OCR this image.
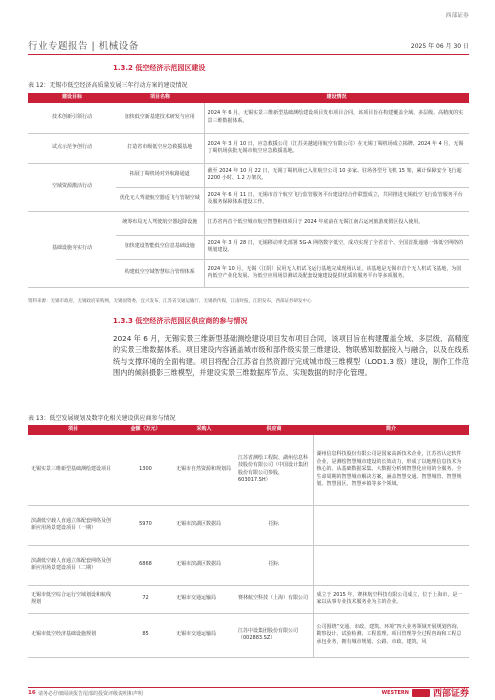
西部证券
行业专题报告 | 机械设备	2025 年 06 月 30 日
1.3.2 低空经济示范园区建设
表 12：无锡市低空经济高质量发展三年行动方案的建设情况
建设目标	项目名称	建设情况
技术创新引领行动	加快低空新基建技术研发与应用	2024 年 6 月，无锡实景三维新型基础测绘建设项目发布项目合同，该项目旨在构建覆盖全域、多层级、高精度的实景三维数据体系。
试点示范争创行动	打造省市级低空应急救援基地	2024 年 3 月 10 日，应急救援公司（江苏美越通用航空有限公司）在无锡丁蜀机场成立揭牌。2024 年 4 月，无锡丁蜀机场获批无锡市航空应急救援基地。
空域资源激活行动	拓展丁蜀机场对外航路通道	截至 2024 年 10 月 22 日，无锡丁蜀机场已入驻航空公司 10 多家、驻场各型号飞机 15 架，累计保障安全飞行超 2200 小时、1.2 万架次。
	优化无人驾驶航空器适飞与管制空域	2024 年 6 月 11 日，无锡市首个航空飞行监管服务平台建设结合作联盟成立，共同推进无锡低空飞行监管服务平台及服务保障体系建设工作。
基础设施夯实行动	统筹布局无人驾驶航空器起降设施	江苏省内首个低空城市航空智慧枢纽项目于 2024 年底前在无锡江南古运河旅游度假区投入使用。
	加快建设智能低空信息基础设施	2024 年 3 月 28 日，无锡移动率先部署 5G-A 网络数字低空，成功实现了全省首个、全国首批通感一体低空网络的规划建设。
	构建低空空域智慧综合管理体系	2024 年 10 月，无锡（江阴）民用无人机试飞运行基地完成现场认证，该基地是无锡市首个无人机试飞基地，为国内低空产业化发展、为低空应用场景测试及配套设施建设提供优质的服务平台等多项服务。
资料来源：无锡市政府，无锡政府采购网，无锡国资委，宜兴发布，江苏省交通运输厅，无锡新传媒，江南时报，江阴发布，西部证券研发中心
1.3.3 低空经济示范园区供应商的参与情况
2024 年 6 月，无锡实景三维新型基础测绘建设项目发布项目合同，该项目旨在构建覆盖全域、多层级、高精度的实景三维数据体系。项目建设内容涵盖城市级和部件级实景三维建设、物联感知数据接入与融合，以及在线系统与支撑环境的全面构建。项目将配合江苏省自然资源厅完成城市级三维模型（LOD1.3 级）建设，制作工作范围内的倾斜摄影三维模型，并建设实景三维数据库节点、实现数据的时序化管理。
表 13：低空发展规划及数字化相关建设供应商参与情况
项目	金额（万元）	采购人	供应商	简介
无锡实景三维新型基础测绘建设项目	1300	无锡市自然资源和规划局	江苏省测绘工程院、湖州信息科技股份有限公司（中国设计集团股份有限公司参股，603017.SH）	湖州信息科技股份有限公司是国家高新技术企业，江苏省认定软件企业，是测绘智慧城市建设的长效动力，形成了以地理信息技术为核心的、从基础数据采集、大数据分析到智慧化应用的全服务、全生命周期的智慧城市解决方案，涵盖智慧交通、智慧城管、智慧规划、智慧园区、智慧乡镇等多个领域。
滨湖低空载人直通立体配套网络及创新应用场景建设项目（一期）	5970	无锡市滨湖区数据局	招标	
滨湖低空载人直通立体配套网络及创新应用场景建设项目（二期）	6868	无锡市滨湖区数据局	招标	
无锡市低空综合运行空域划设和航线规划	72	无锡市交通运输局	赛林航空科技（上海）有限公司	成立于 2015 年，赛林航空科技有限公司成立，位于上海市，是一家以从事专业技术服务业为主的企业。
无锡市低空经济基础设施规划	85	无锡市交通运输局	江苏中设集团股份有限公司（002883.SZ）	公司围绕“交通、市政、建筑、环境”四大业务领域开展规划咨询、勘察设计、试验检测、工程监理、项目管理等全过程咨询和工程总承包业务，拥有城市规划、公路、市政、建筑、风
16 请务必仔细阅读报告尾部的投资评级说明和声明	WESTERN	西部证券
